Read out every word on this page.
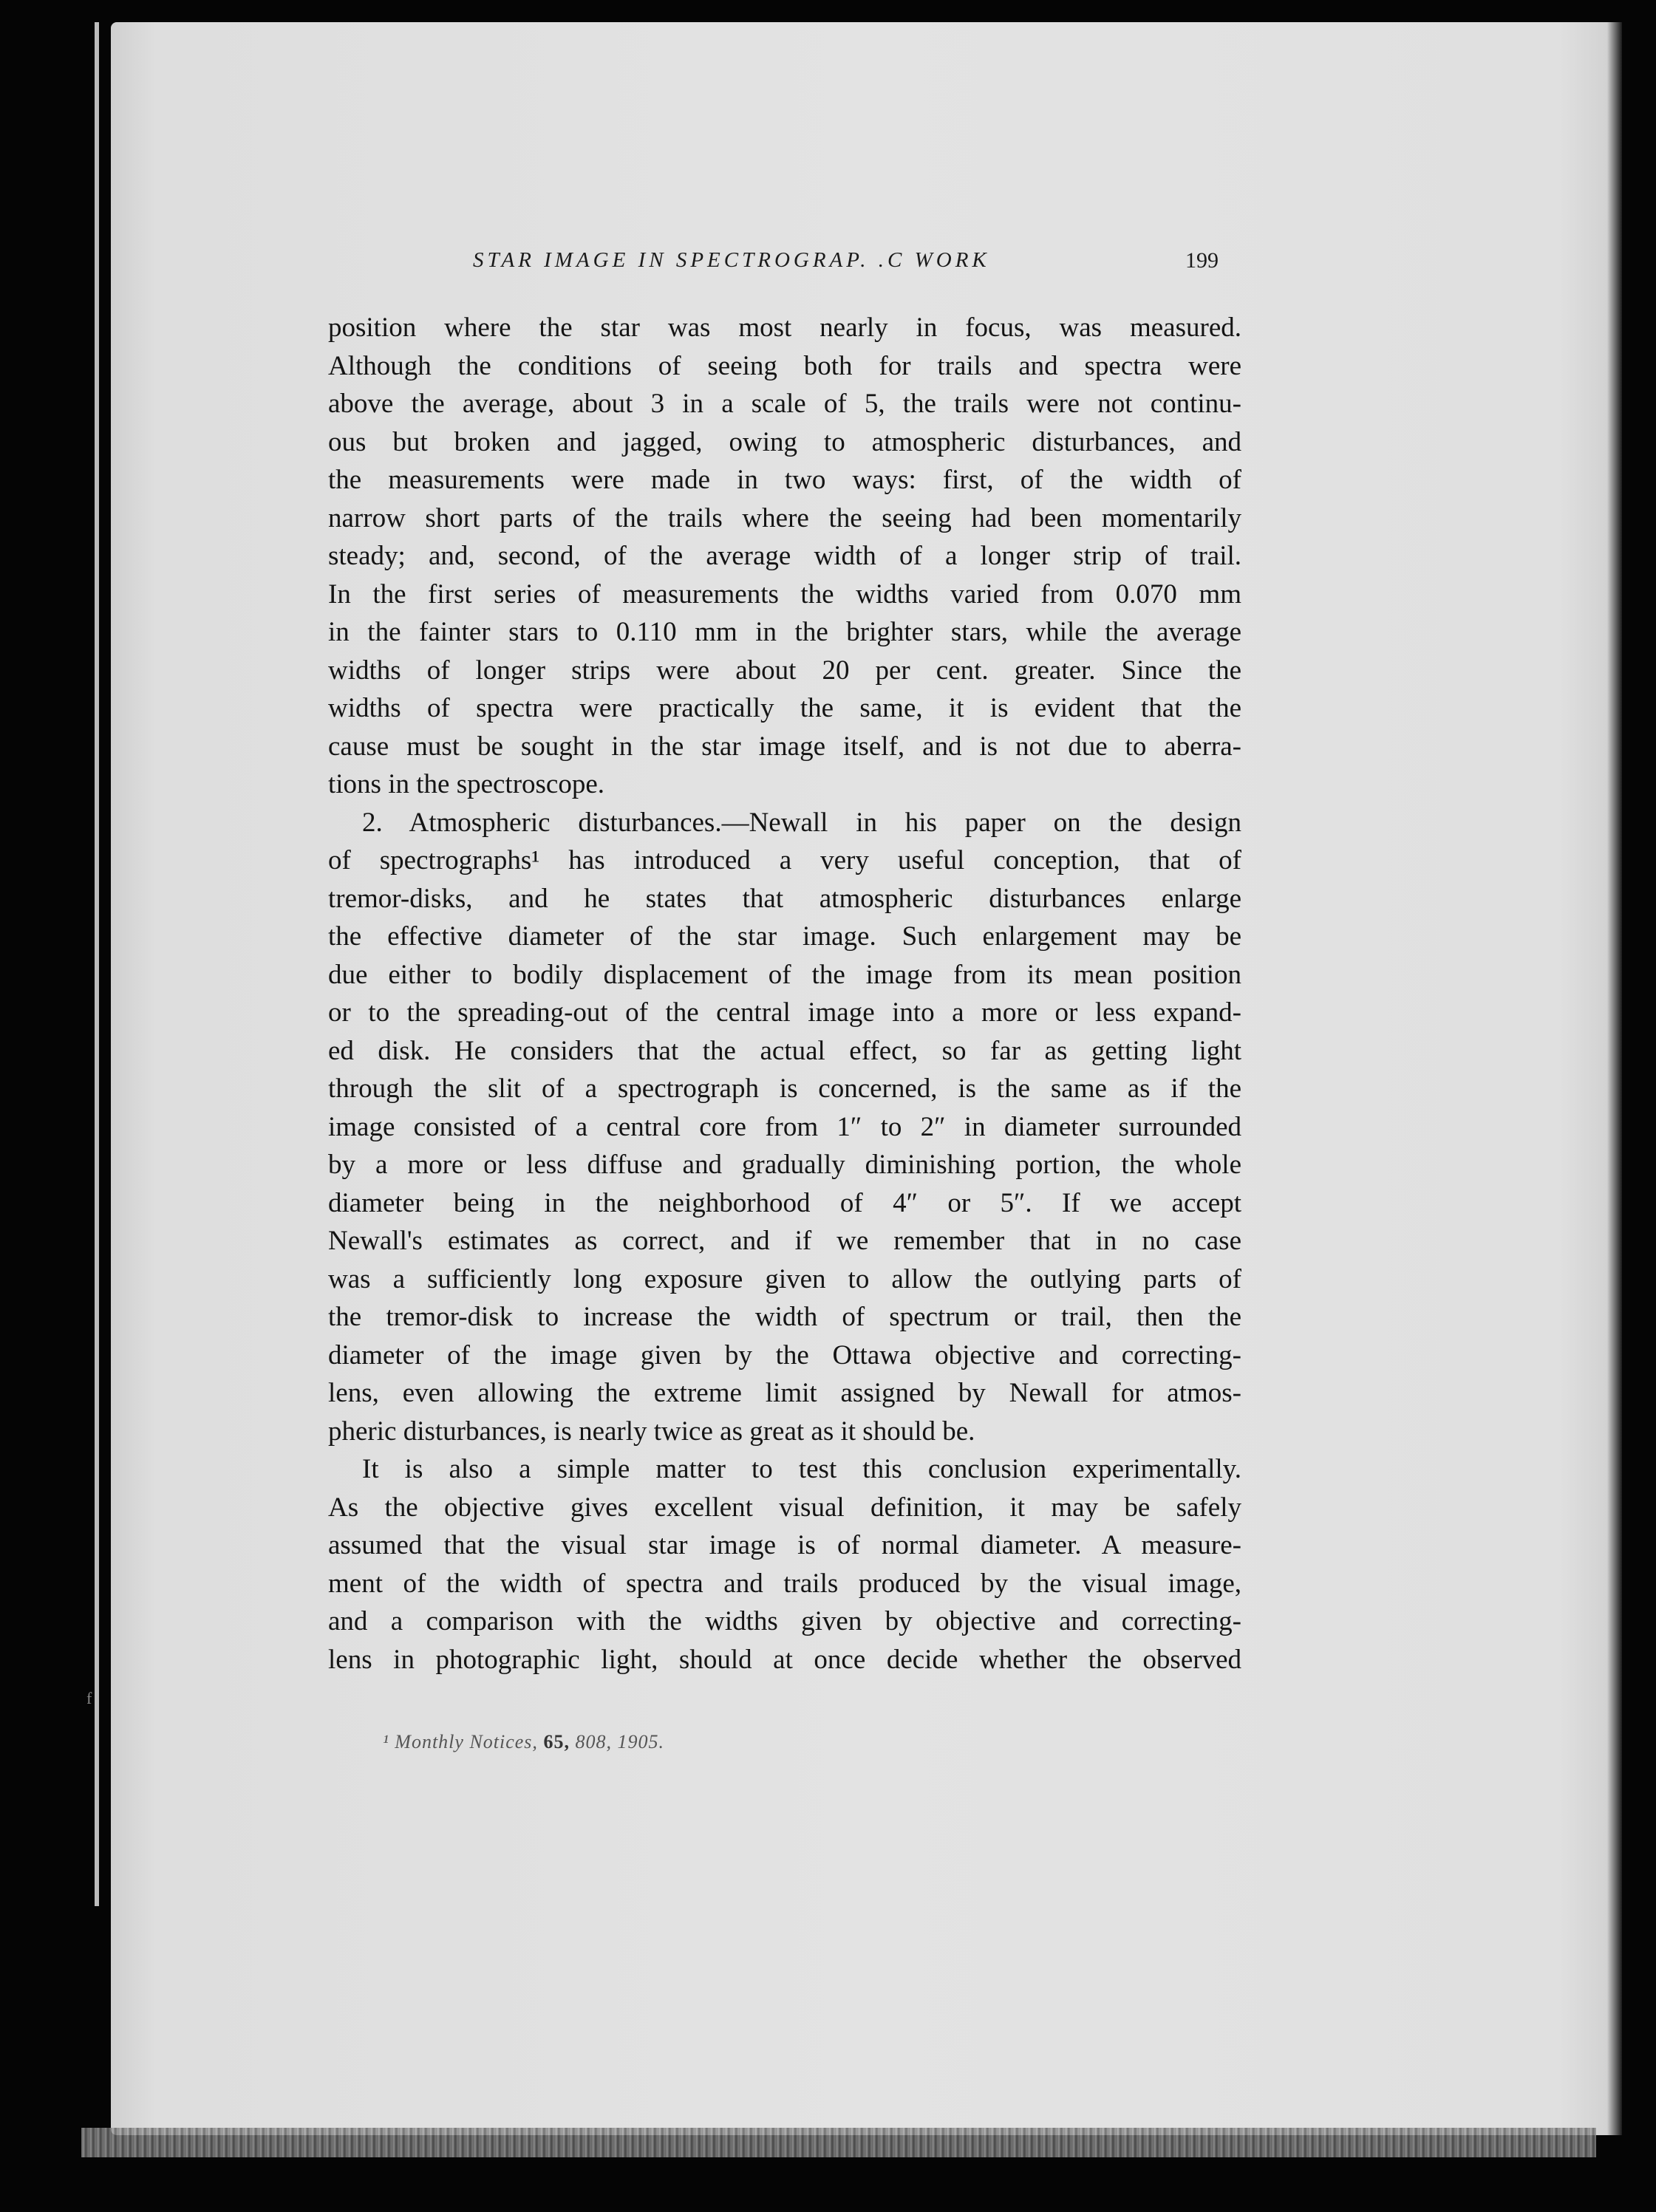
STAR IMAGE IN SPECTROGRAP. .C WORK	199
position where the star was most nearly in focus, was measured.
Although the conditions of seeing both for trails and spectra were
above the average, about 3 in a scale of 5, the trails were not continu-
ous but broken and jagged, owing to atmospheric disturbances, and
the measurements were made in two ways: first, of the width of
narrow short parts of the trails where the seeing had been momentarily
steady; and, second, of the average width of a longer strip of trail.
In the first series of measurements the widths varied from 0.070 mm
in the fainter stars to 0.110 mm in the brighter stars, while the average
widths of longer strips were about 20 per cent. greater. Since the
widths of spectra were practically the same, it is evident that the
cause must be sought in the star image itself, and is not due to aberra-
tions in the spectroscope.
2. Atmospheric disturbances.—Newall in his paper on the design
of spectrographs¹ has introduced a very useful conception, that of
tremor-disks, and he states that atmospheric disturbances enlarge
the effective diameter of the star image. Such enlargement may be
due either to bodily displacement of the image from its mean position
or to the spreading-out of the central image into a more or less expand-
ed disk. He considers that the actual effect, so far as getting light
through the slit of a spectrograph is concerned, is the same as if the
image consisted of a central core from 1″ to 2″ in diameter surrounded
by a more or less diffuse and gradually diminishing portion, the whole
diameter being in the neighborhood of 4″ or 5″. If we accept
Newall's estimates as correct, and if we remember that in no case
was a sufficiently long exposure given to allow the outlying parts of
the tremor-disk to increase the width of spectrum or trail, then the
diameter of the image given by the Ottawa objective and correcting-
lens, even allowing the extreme limit assigned by Newall for atmos-
pheric disturbances, is nearly twice as great as it should be.
It is also a simple matter to test this conclusion experimentally.
As the objective gives excellent visual definition, it may be safely
assumed that the visual star image is of normal diameter. A measure-
ment of the width of spectra and trails produced by the visual image,
and a comparison with the widths given by objective and correcting-
lens in photographic light, should at once decide whether the observed
¹ Monthly Notices, 65, 808, 1905.
f
